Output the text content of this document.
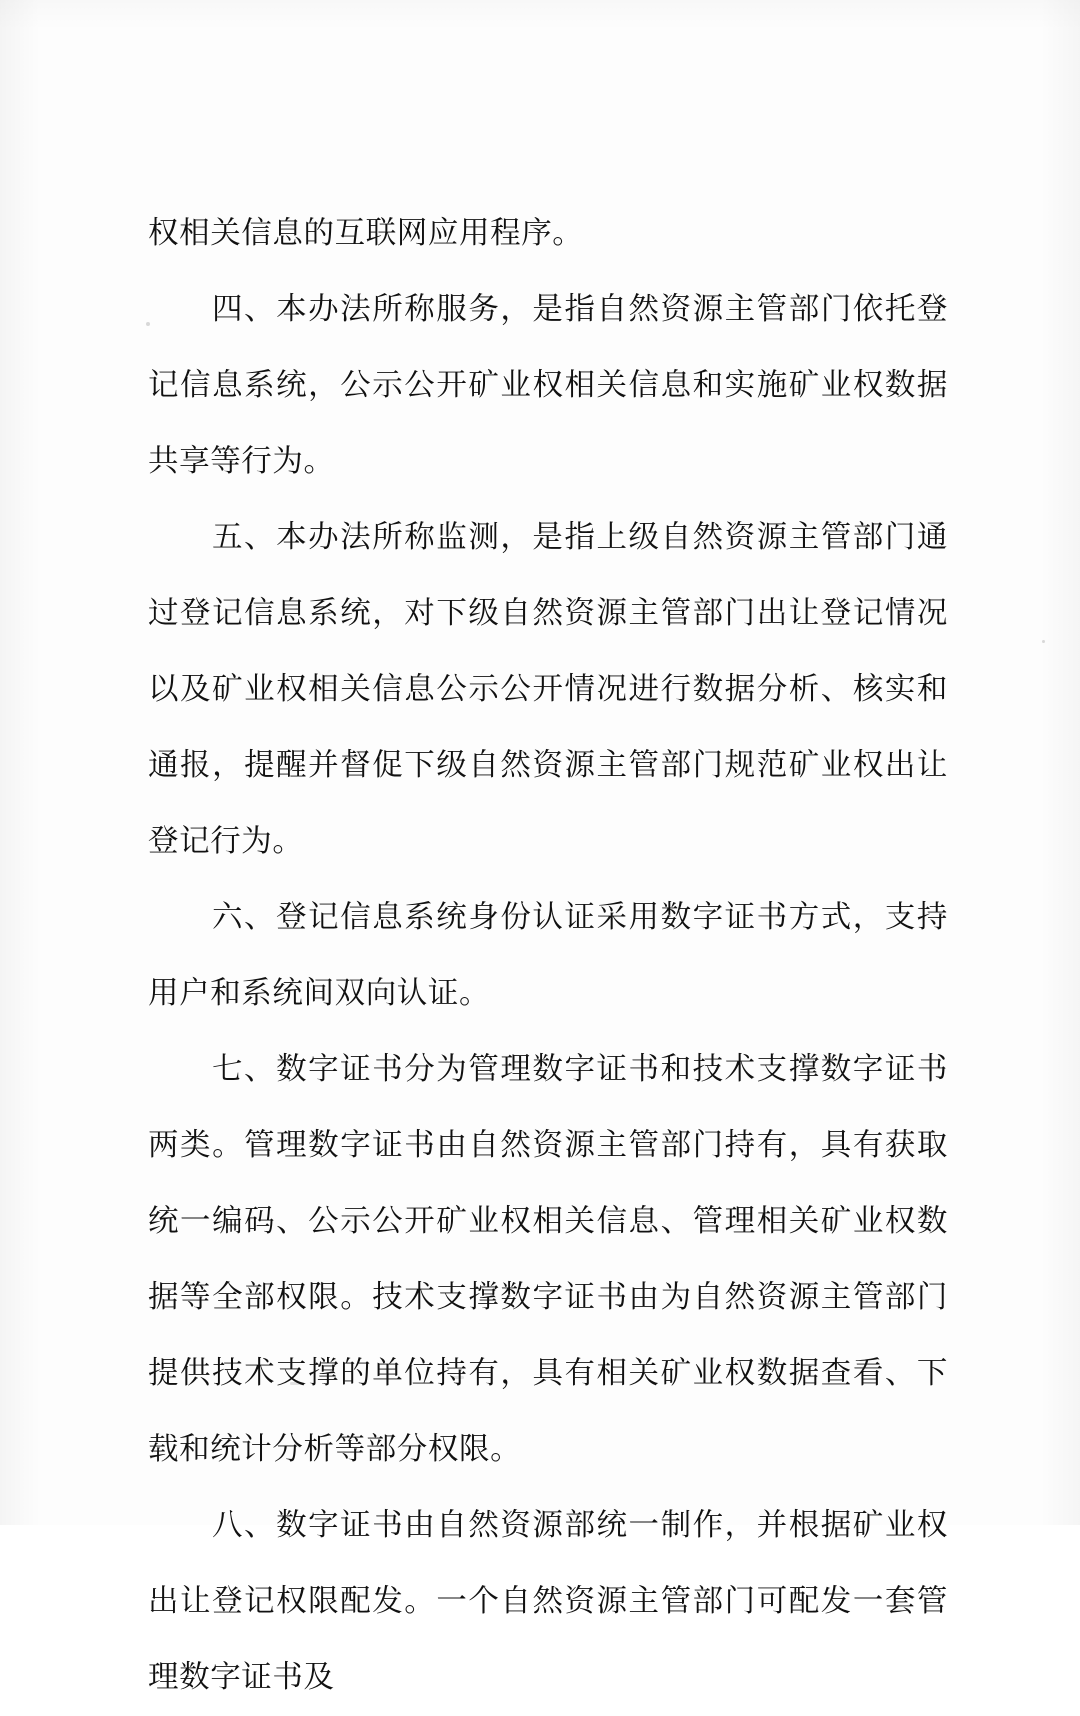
权相关信息的互联网应用程序。

四、本办法所称服务，是指自然资源主管部门依托登记信息系统，公示公开矿业权相关信息和实施矿业权数据共享等行为。

五、本办法所称监测，是指上级自然资源主管部门通过登记信息系统，对下级自然资源主管部门出让登记情况以及矿业权相关信息公示公开情况进行数据分析、核实和通报，提醒并督促下级自然资源主管部门规范矿业权出让登记行为。

六、登记信息系统身份认证采用数字证书方式，支持用户和系统间双向认证。

七、数字证书分为管理数字证书和技术支撑数字证书两类。管理数字证书由自然资源主管部门持有，具有获取统一编码、公示公开矿业权相关信息、管理相关矿业权数据等全部权限。技术支撑数字证书由为自然资源主管部门提供技术支撑的单位持有，具有相关矿业权数据查看、下载和统计分析等部分权限。

八、数字证书由自然资源部统一制作，并根据矿业权出让登记权限配发。一个自然资源主管部门可配发一套管理数字证书及
